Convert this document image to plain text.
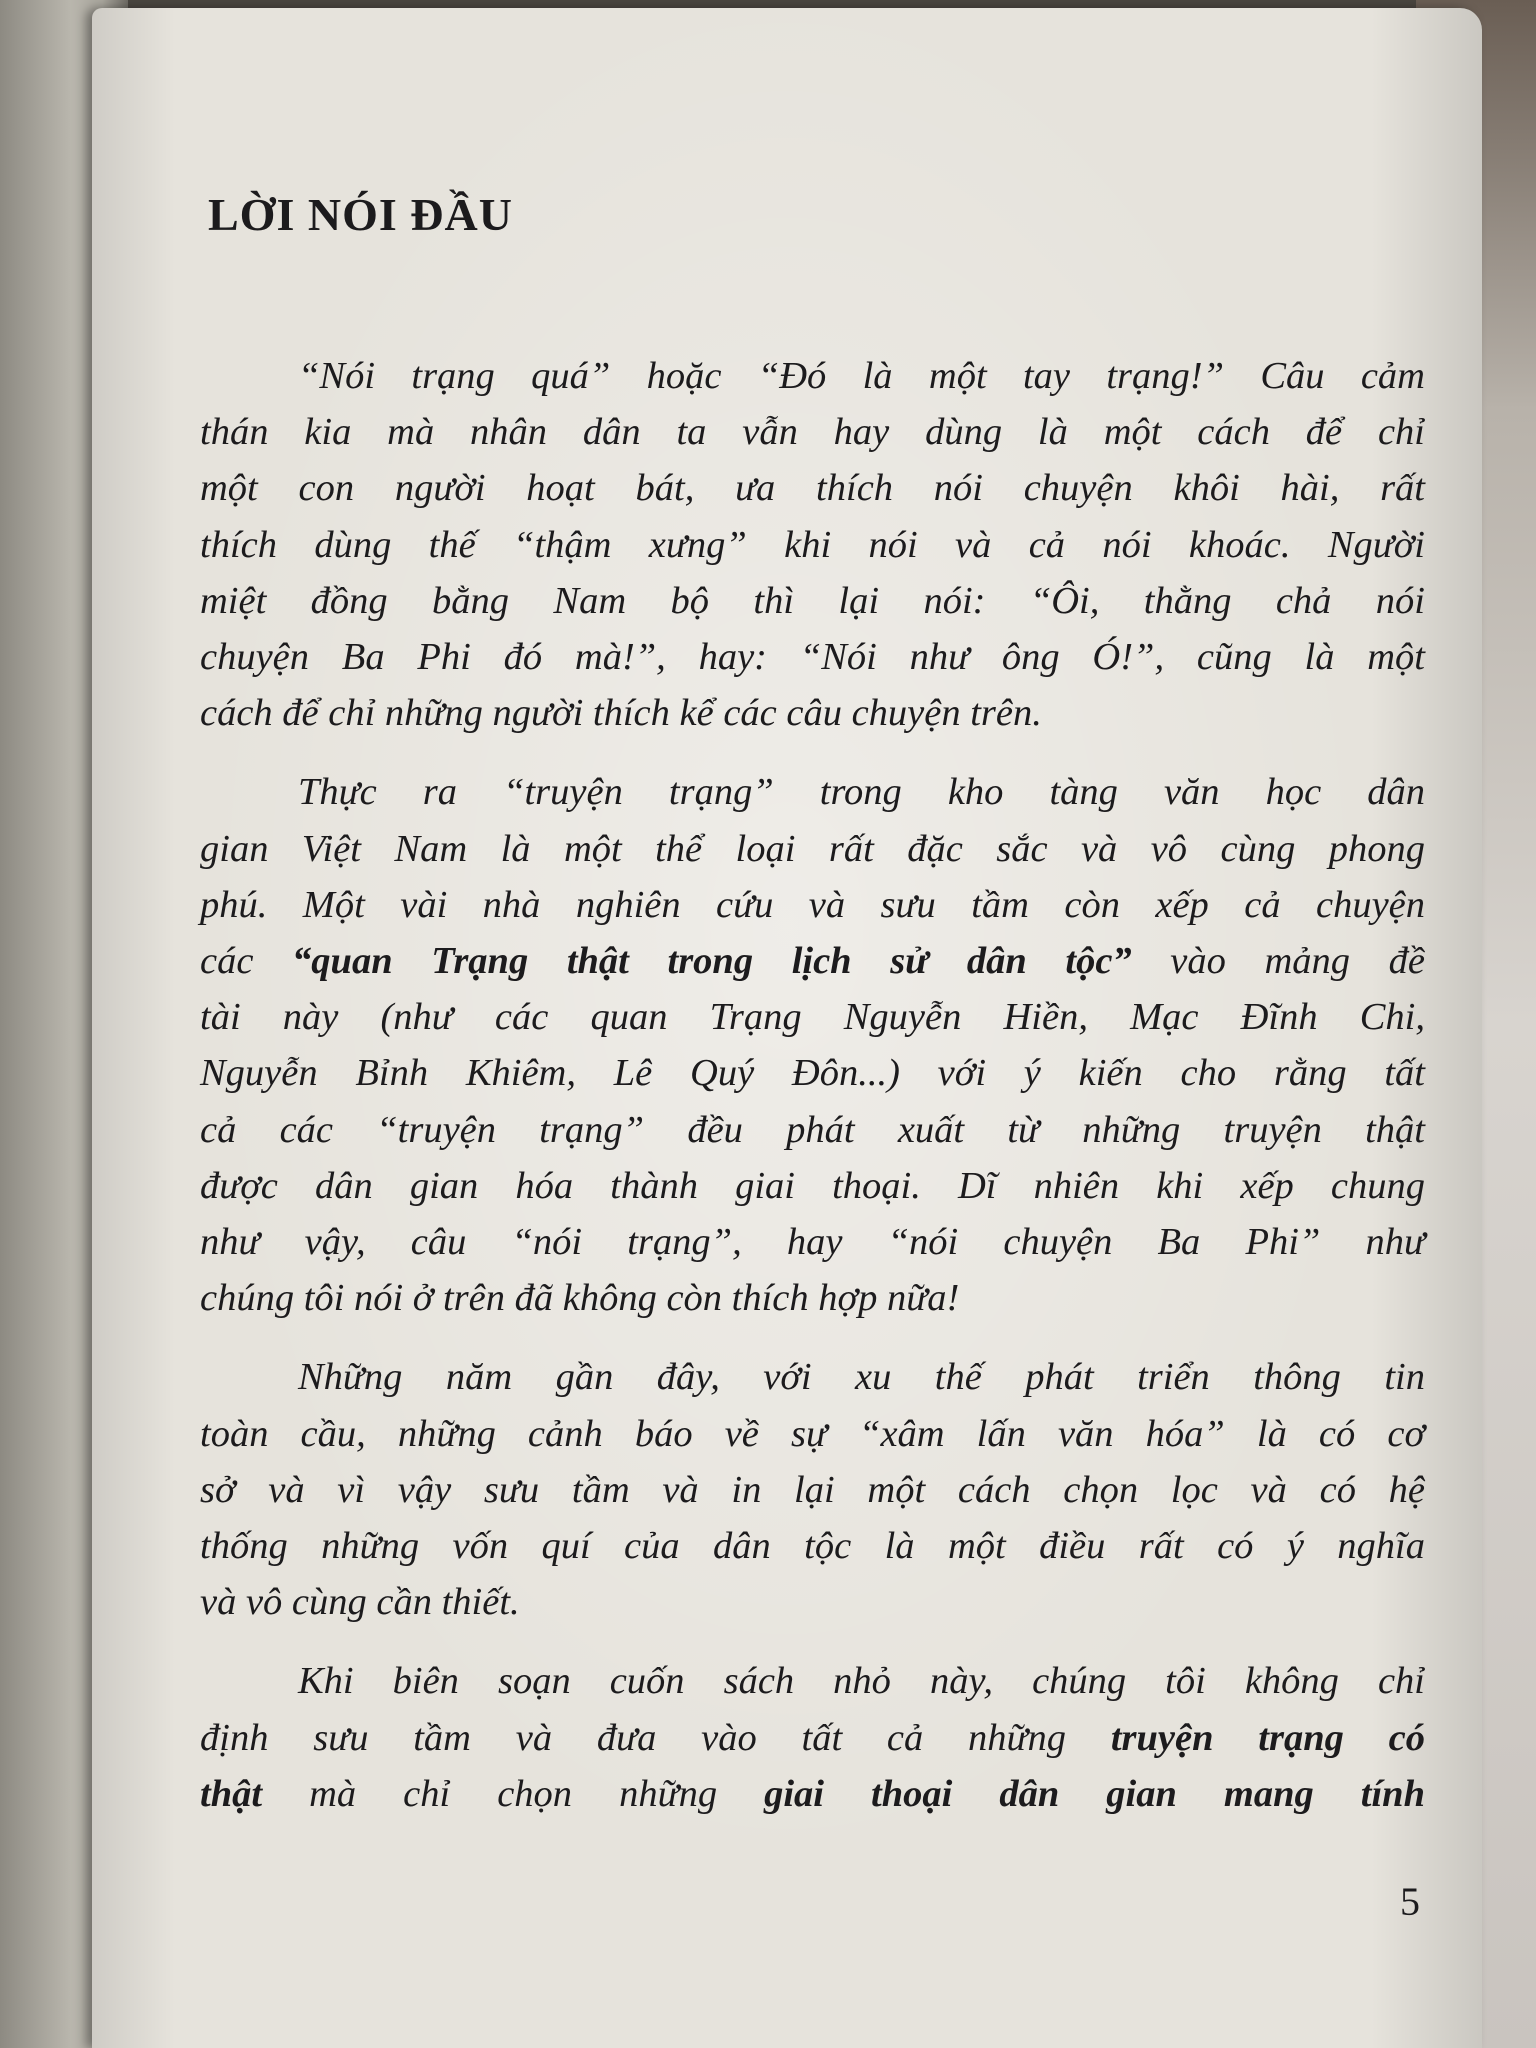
LỜI NÓI ĐẦU

“Nói trạng quá” hoặc “Đó là một tay trạng!” Câu cảm
thán kia mà nhân dân ta vẫn hay dùng là một cách để chỉ
một con người hoạt bát, ưa thích nói chuyện khôi hài, rất
thích dùng thế “thậm xưng” khi nói và cả nói khoác. Người
miệt đồng bằng Nam bộ thì lại nói: “Ôi, thằng chả nói
chuyện Ba Phi đó mà!”, hay: “Nói như ông Ó!”, cũng là một
cách để chỉ những người thích kể các câu chuyện trên.

Thực ra “truyện trạng” trong kho tàng văn học dân
gian Việt Nam là một thể loại rất đặc sắc và vô cùng phong
phú. Một vài nhà nghiên cứu và sưu tầm còn xếp cả chuyện
các “quan Trạng thật trong lịch sử dân tộc” vào mảng đề
tài này (như các quan Trạng Nguyễn Hiền, Mạc Đĩnh Chi,
Nguyễn Bỉnh Khiêm, Lê Quý Đôn...) với ý kiến cho rằng tất
cả các “truyện trạng” đều phát xuất từ những truyện thật
được dân gian hóa thành giai thoại. Dĩ nhiên khi xếp chung
như vậy, câu “nói trạng”, hay “nói chuyện Ba Phi” như
chúng tôi nói ở trên đã không còn thích hợp nữa!

Những năm gần đây, với xu thế phát triển thông tin
toàn cầu, những cảnh báo về sự “xâm lấn văn hóa” là có cơ
sở và vì vậy sưu tầm và in lại một cách chọn lọc và có hệ
thống những vốn quí của dân tộc là một điều rất có ý nghĩa
và vô cùng cần thiết.

Khi biên soạn cuốn sách nhỏ này, chúng tôi không chỉ
định sưu tầm và đưa vào tất cả những truyện trạng có
thật mà chỉ chọn những giai thoại dân gian mang tính

5
